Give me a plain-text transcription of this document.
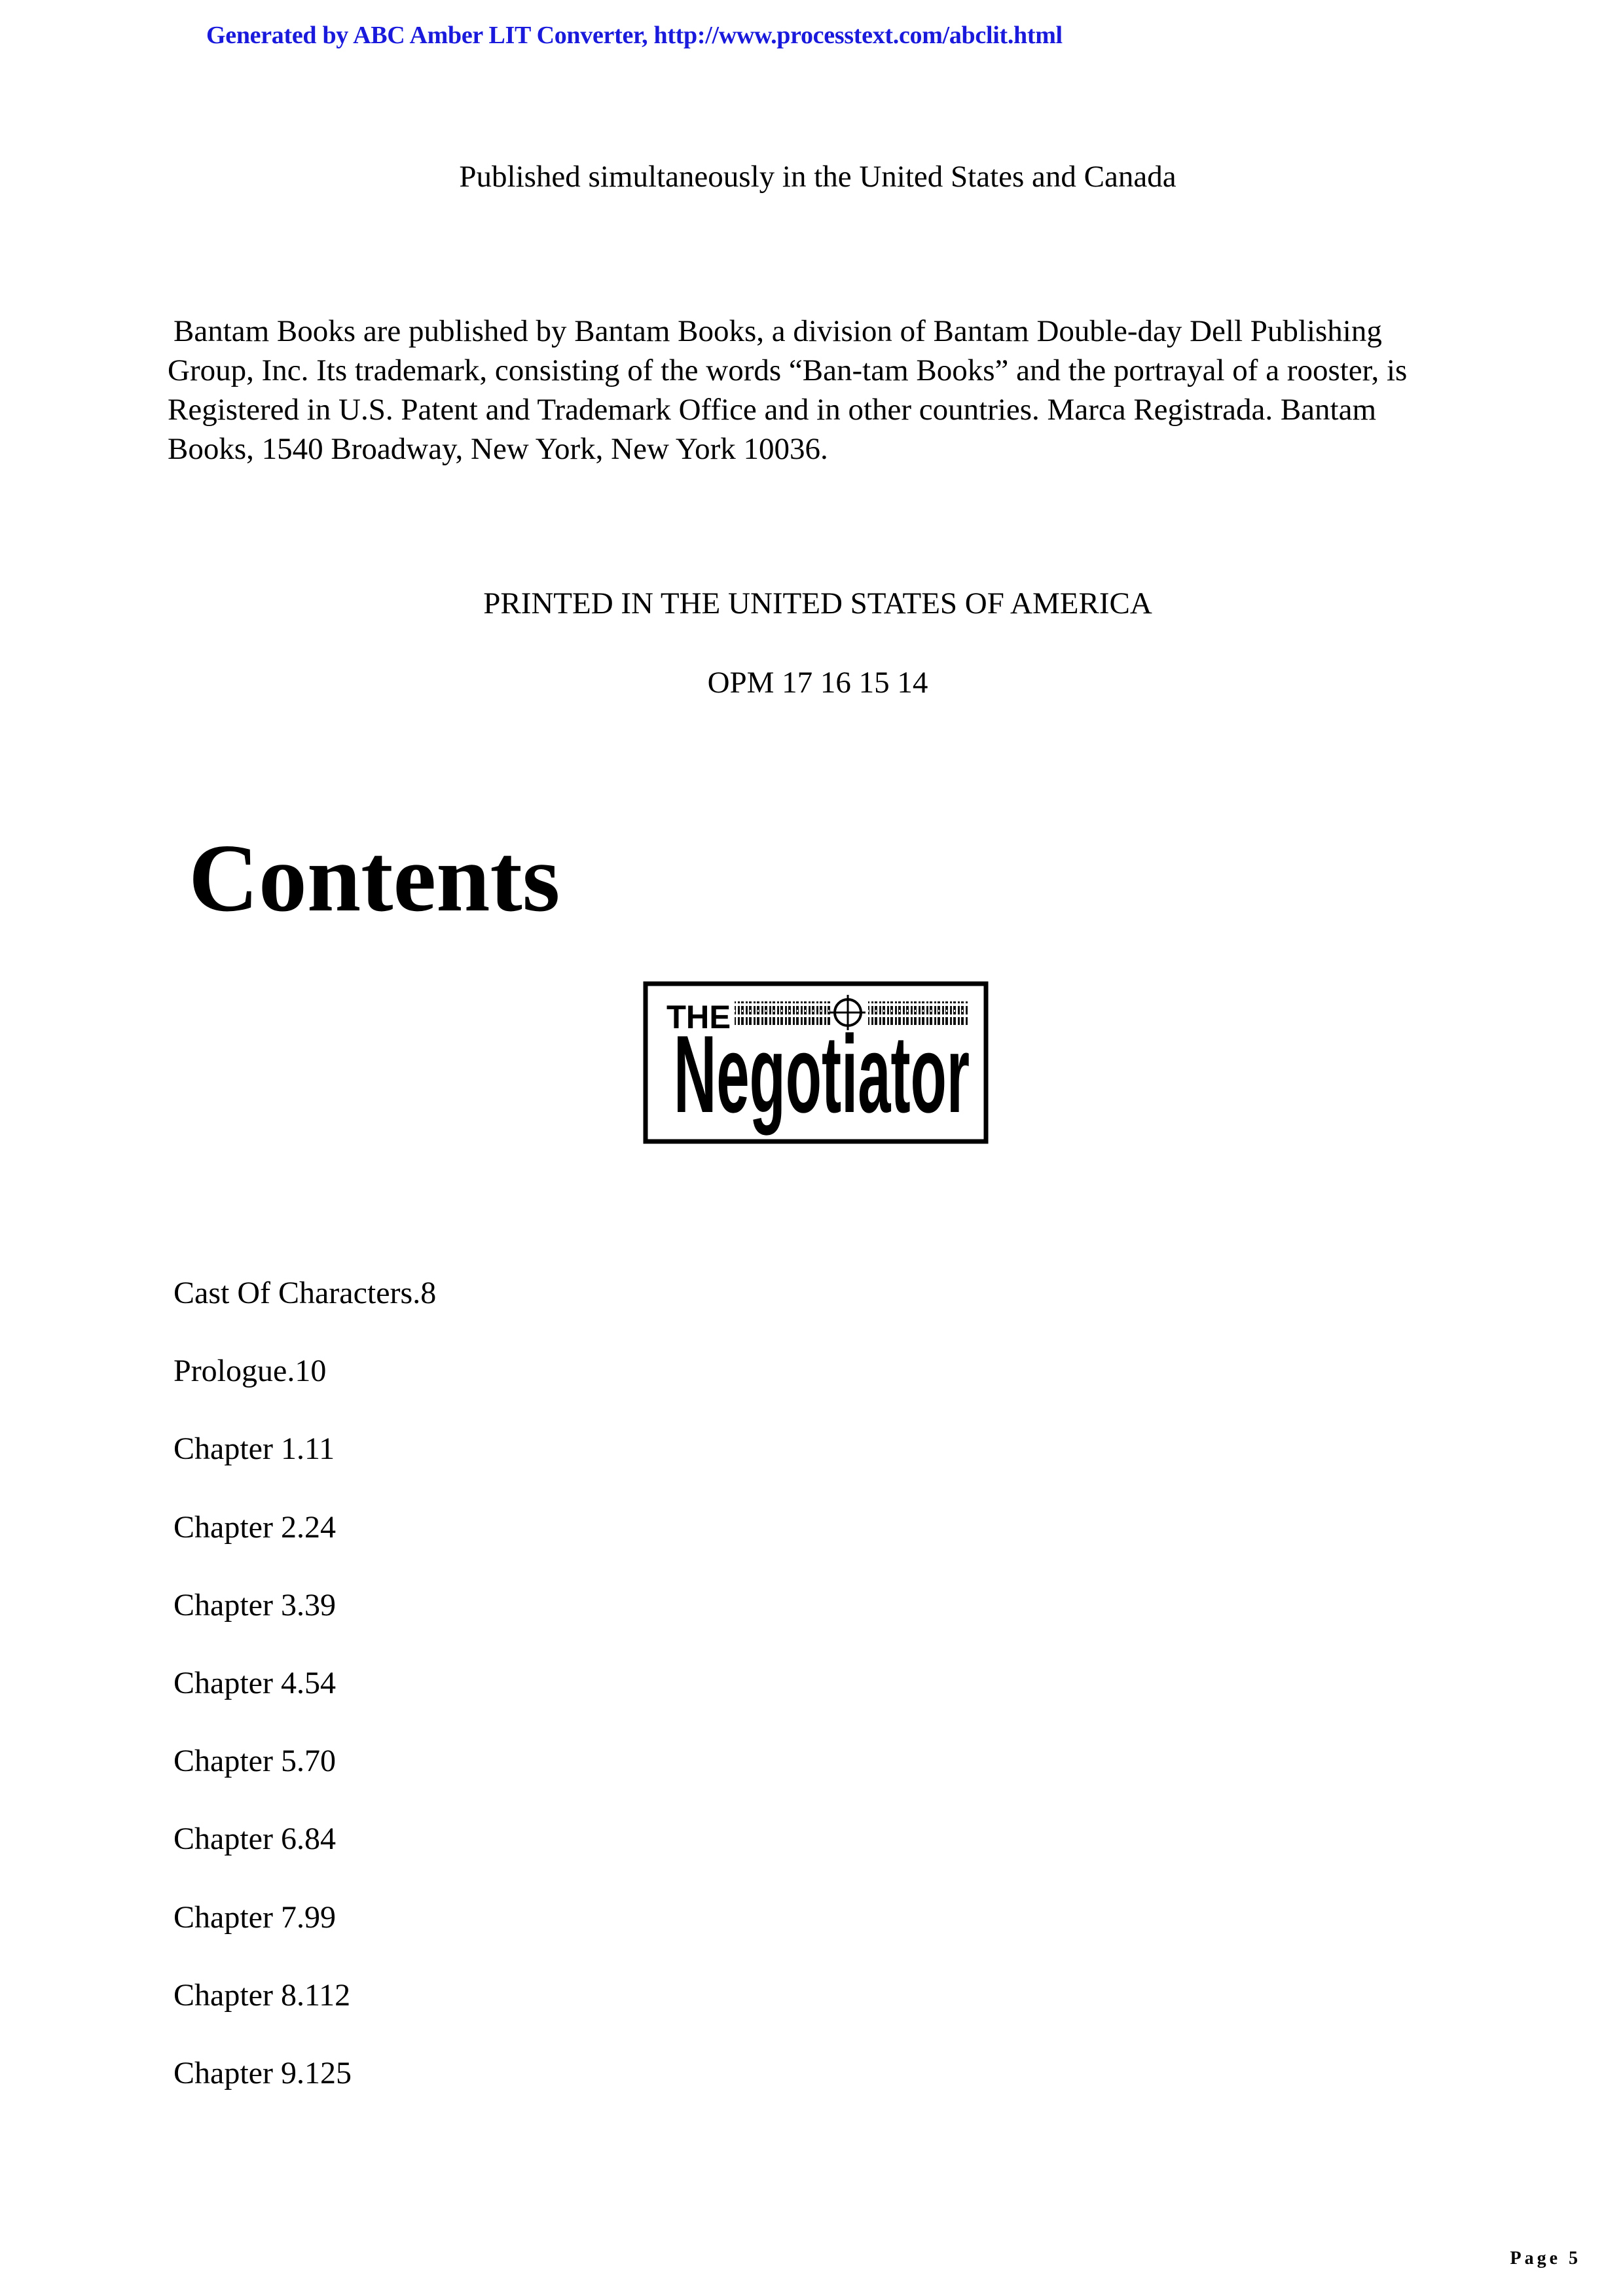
Generated by ABC Amber LIT Converter, http://www.processtext.com/abclit.html
Published simultaneously in the United States and Canada
Bantam Books are published by Bantam Books, a division of Bantam Double-day Dell Publishing
Group, Inc. Its trademark, consisting of the words “Ban-tam Books” and the portrayal of a rooster, is
Registered in U.S. Patent and Trademark Office and in other countries. Marca Registrada. Bantam
Books, 1540 Broadway, New York, New York 10036.
PRINTED IN THE UNITED STATES OF AMERICA
OPM 17 16 15 14
Contents
THE
Negotiator
Cast Of Characters.8
Prologue.10
Chapter 1.11
Chapter 2.24
Chapter 3.39
Chapter 4.54
Chapter 5.70
Chapter 6.84
Chapter 7.99
Chapter 8.112
Chapter 9.125
Page 5
